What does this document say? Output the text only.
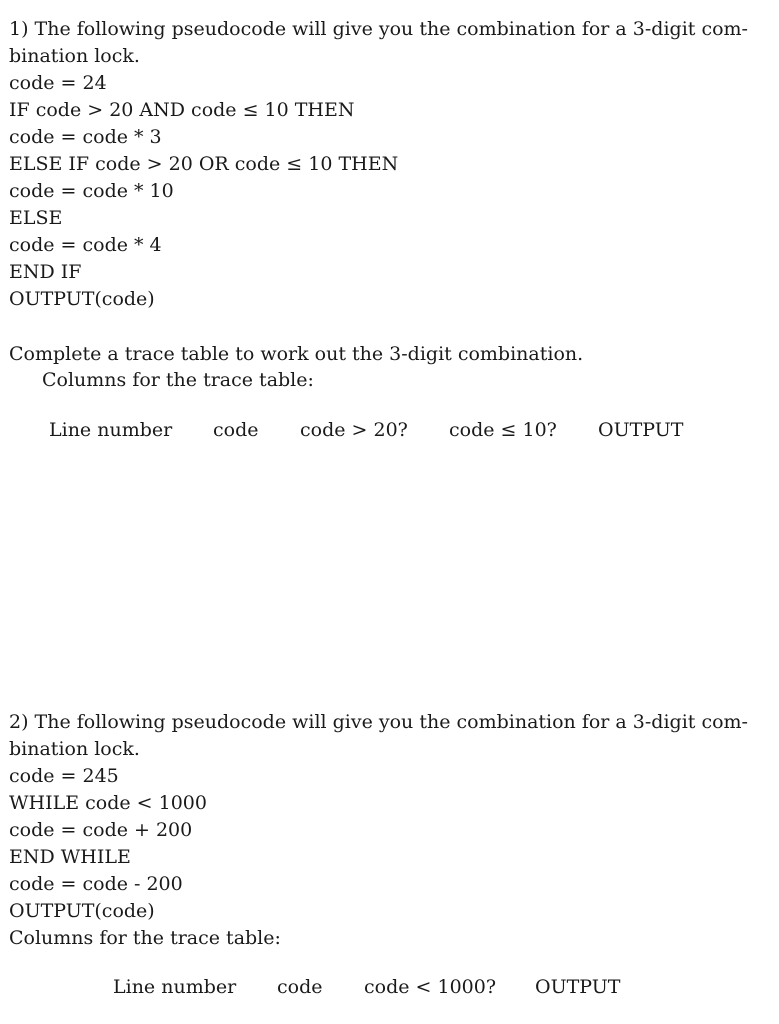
1) The following pseudocode will give you the combination for a 3-digit com-
bination lock.
code = 24
IF code > 20 AND code ≤ 10 THEN
code = code * 3
ELSE IF code > 20 OR code ≤ 10 THEN
code = code * 10
ELSE
code = code * 4
END IF
OUTPUT(code)
Complete a trace table to work out the 3-digit combination.
Columns for the trace table:
Line number code code > 20? code ≤ 10? OUTPUT
2) The following pseudocode will give you the combination for a 3-digit com-
bination lock.
code = 245
WHILE code < 1000
code = code + 200
END WHILE
code = code - 200
OUTPUT(code)
Columns for the trace table:
Line number code code < 1000? OUTPUT
